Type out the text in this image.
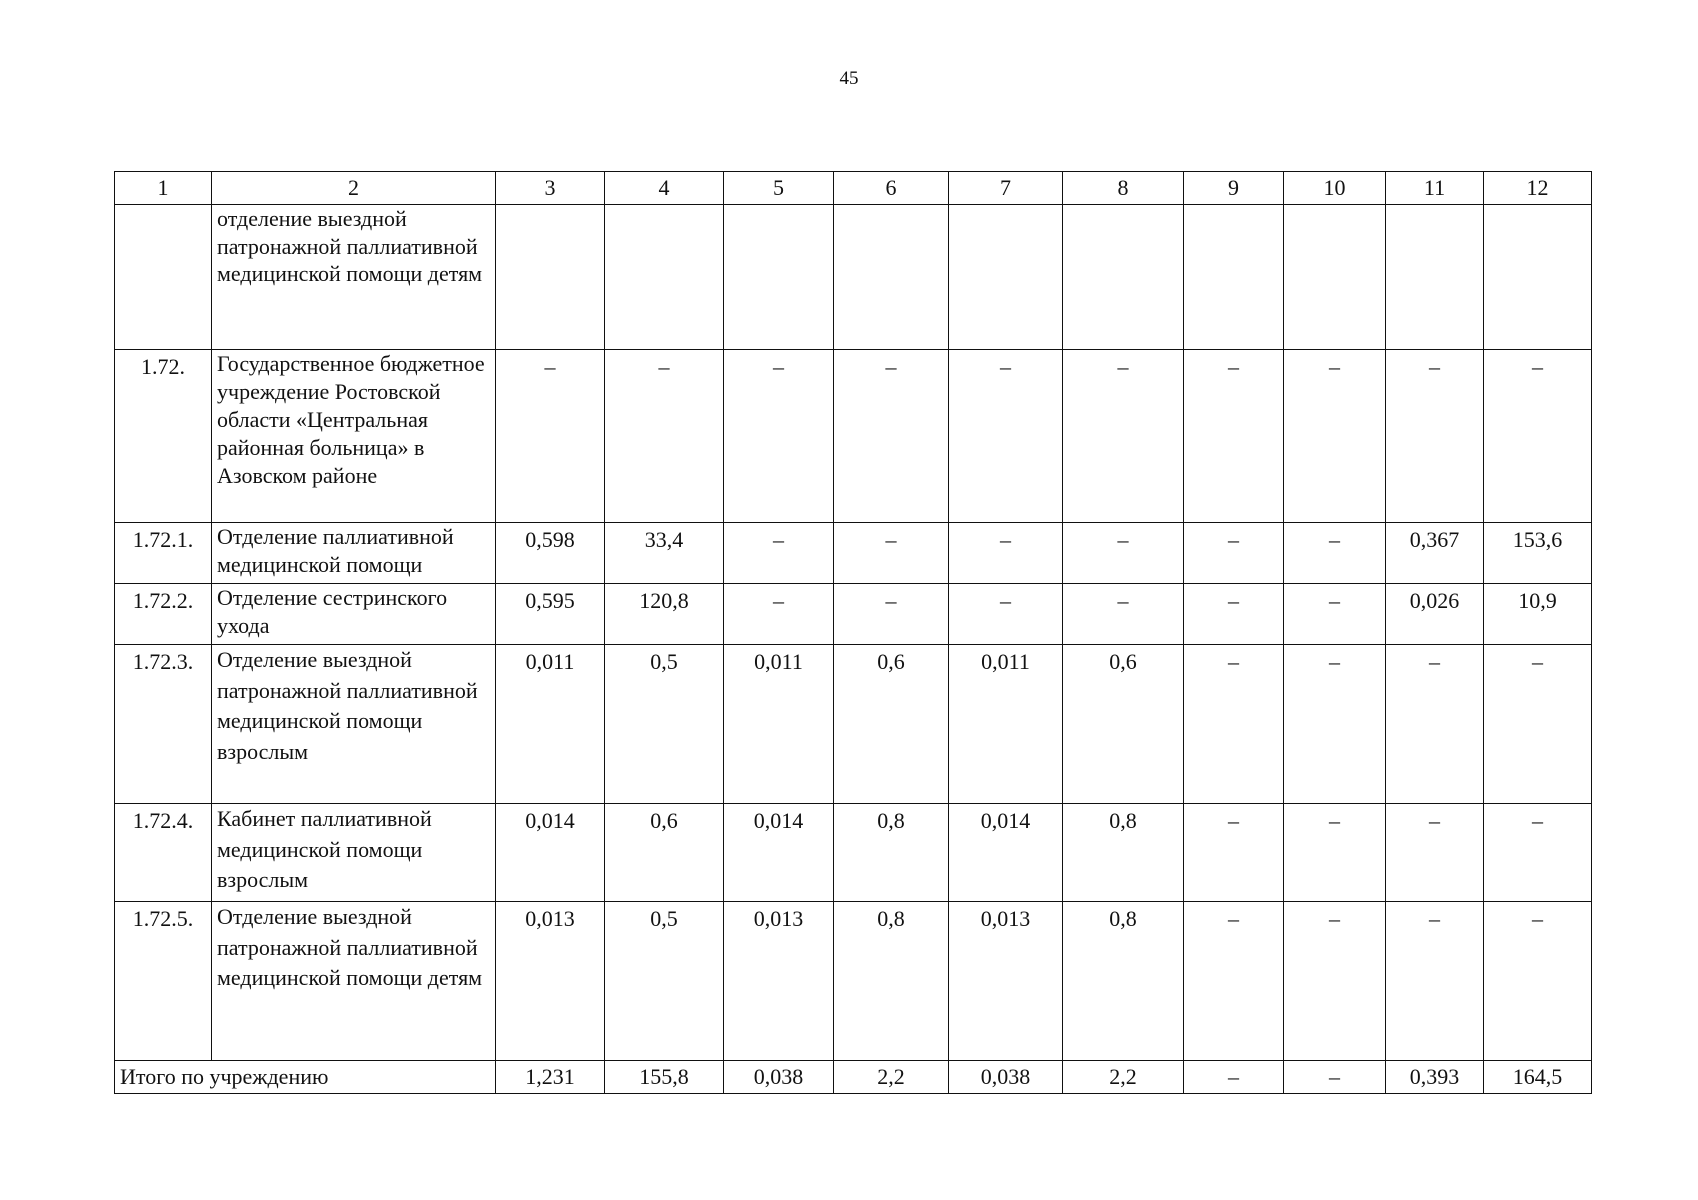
45
1	2	3	4	5	6	7	8	9	10	11	12
	отделение выездной патронажной паллиативной медицинской помощи детям										
1.72.	Государственное бюджетное учреждение Ростовской области «Центральная районная больница» в Азовском районе	–	–	–	–	–	–	–	–	–	–
1.72.1.	Отделение паллиативной медицинской помощи	0,598	33,4	–	–	–	–	–	–	0,367	153,6
1.72.2.	Отделение сестринского ухода	0,595	120,8	–	–	–	–	–	–	0,026	10,9
1.72.3.	Отделение выездной патронажной паллиативной медицинской помощи взрослым	0,011	0,5	0,011	0,6	0,011	0,6	–	–	–	–
1.72.4.	Кабинет паллиативной медицинской помощи взрослым	0,014	0,6	0,014	0,8	0,014	0,8	–	–	–	–
1.72.5.	Отделение выездной патронажной паллиативной медицинской помощи детям	0,013	0,5	0,013	0,8	0,013	0,8	–	–	–	–
Итого по учреждению		1,231	155,8	0,038	2,2	0,038	2,2	–	–	0,393	164,5
